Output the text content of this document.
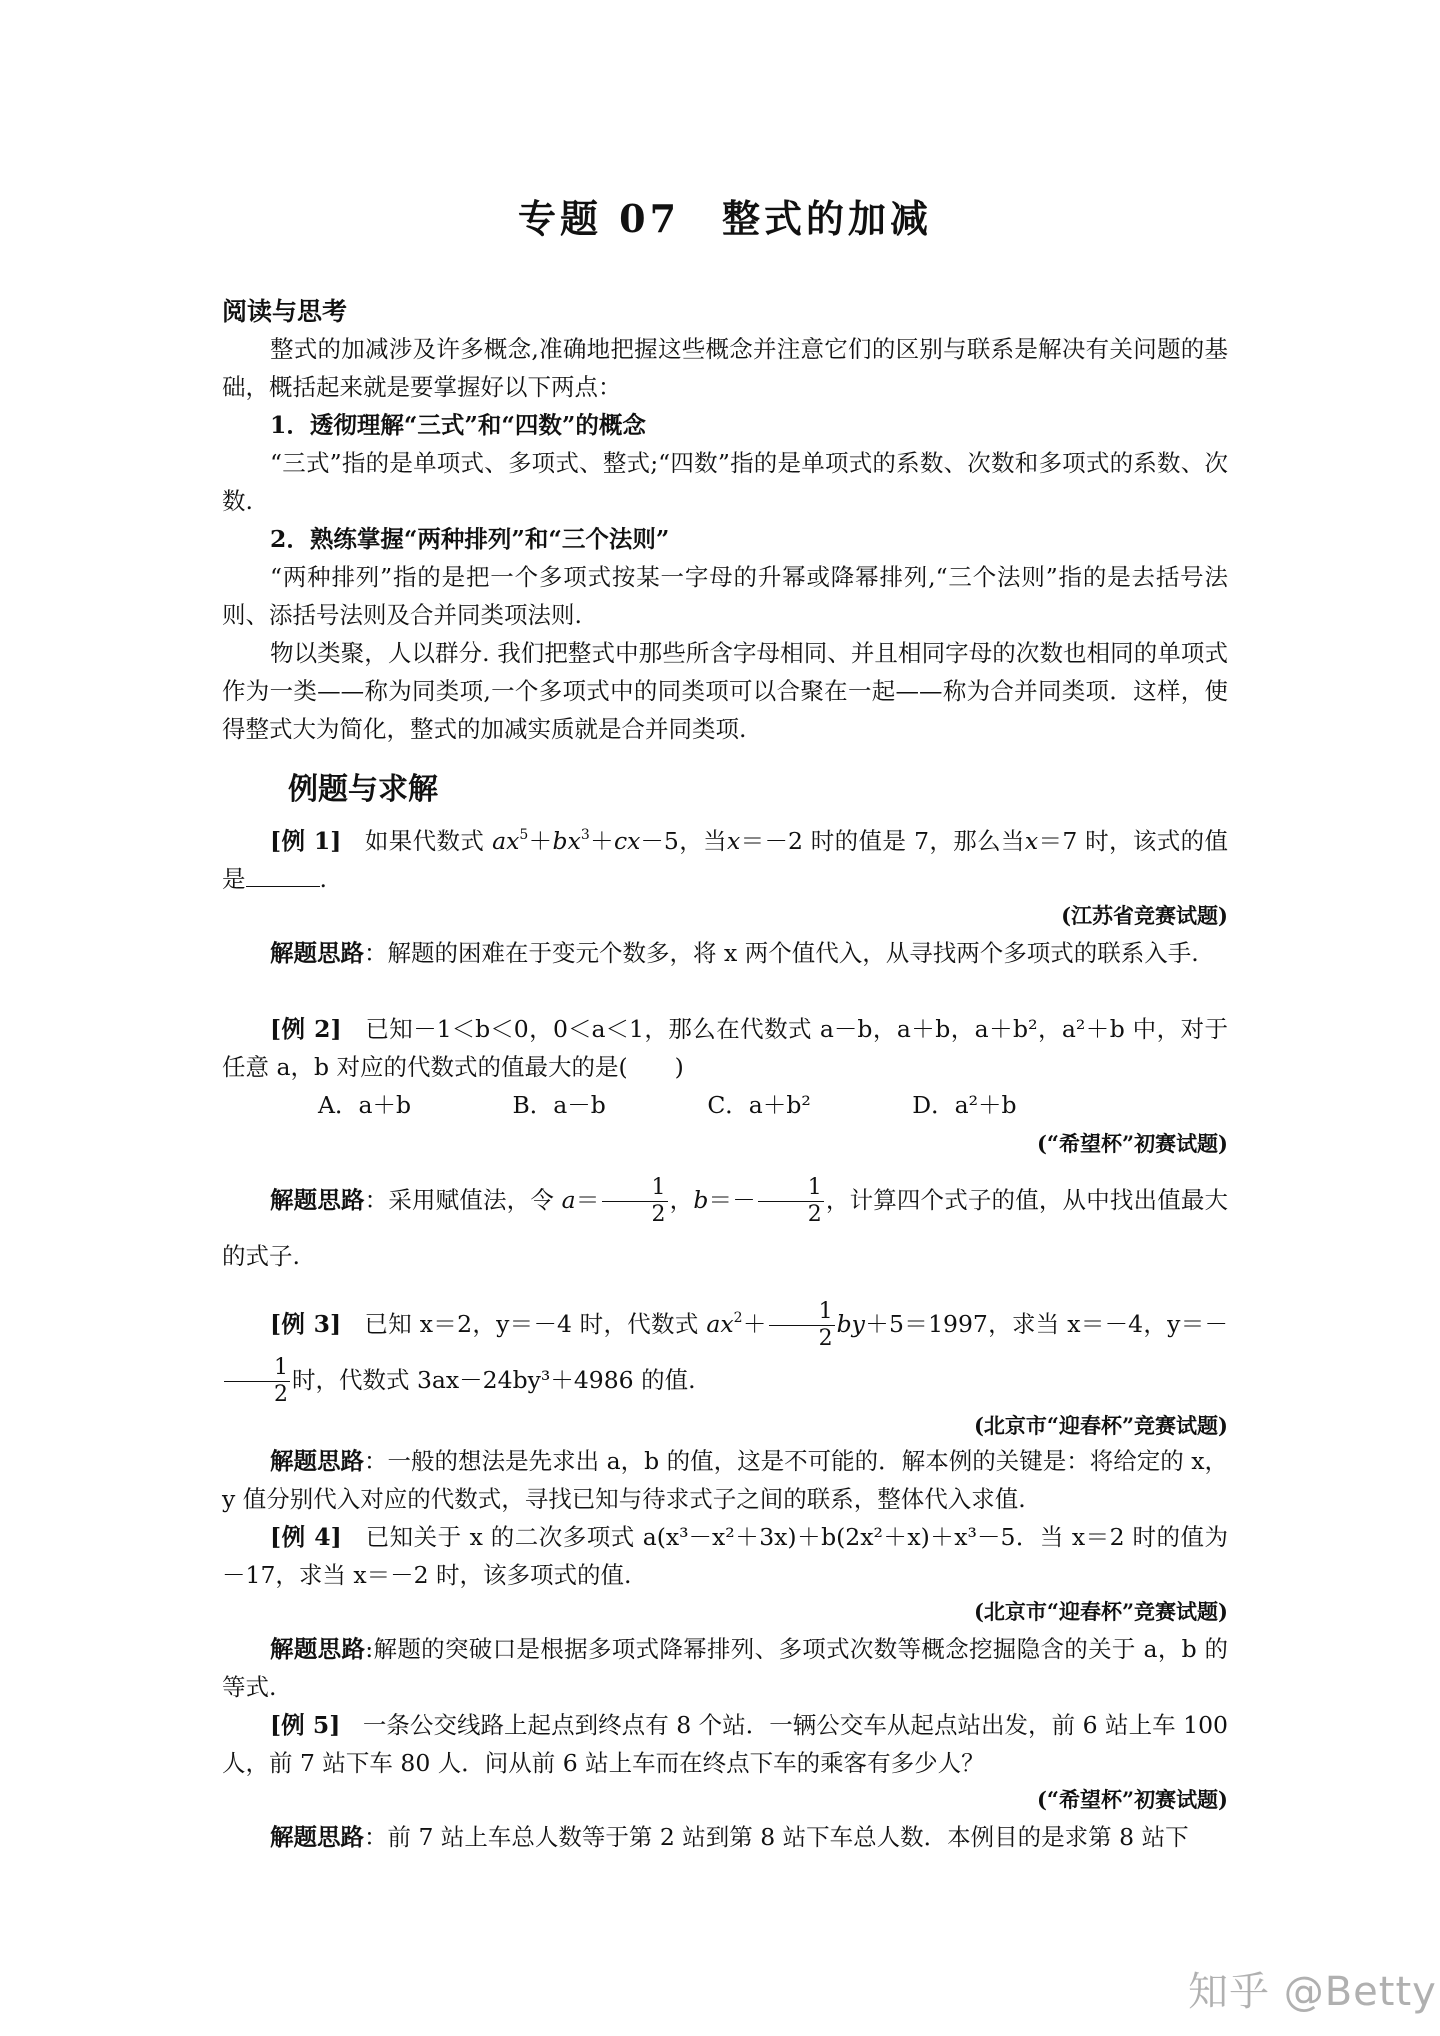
专题 07　整式的加减
阅读与思考
整式的加减涉及许多概念,准确地把握这些概念并注意它们的区别与联系是解决有关问题的基础，概括起来就是要掌握好以下两点：
1．透彻理解“三式”和“四数”的概念
“三式”指的是单项式、多项式、整式;“四数”指的是单项式的系数、次数和多项式的系数、次数.
2．熟练掌握“两种排列”和“三个法则”
“两种排列”指的是把一个多项式按某一字母的升幂或降幂排列,“三个法则”指的是去括号法则、添括号法则及合并同类项法则.
物以类聚，人以群分. 我们把整式中那些所含字母相同、并且相同字母的次数也相同的单项式作为一类——称为同类项,一个多项式中的同类项可以合聚在一起——称为合并同类项．这样，使得整式大为简化，整式的加减实质就是合并同类项.
例题与求解
[例 1] 如果代数式 $ax^5+bx^3+cx-5$，当x＝－2 时的值是 7，那么当x＝7 时，该式的值是	.
(江苏省竞赛试题)
解题思路：解题的困难在于变元个数多，将 x 两个值代入，从寻找两个多项式的联系入手.
[例 2] 已知－1＜b＜0，0＜a＜1，那么在代数式 a－b，a＋b，a＋b²，a²＋b 中，对于任意 a，b 对应的代数式的值最大的是(　　)
A．a＋b	B．a－b	C．a＋b²	D．a²＋b
(“希望杯”初赛试题)
解题思路：采用赋值法，令 $a= \frac{1}{2}$ ，$b=- \frac{1}{2}$ ，计算四个式子的值，从中找出值最大的式子.
[例 3] 已知 x＝2，y＝－4 时，代数式 $ax^2+ \frac{1}{2} by+5=1997$，求当 x＝－4，y＝－
$\frac{1}{2}$ 时，代数式 3ax－24by³＋4986 的值.
(北京市“迎春杯”竞赛试题)
解题思路：一般的想法是先求出 a，b 的值，这是不可能的．解本例的关键是：将给定的 x，y 值分别代入对应的代数式，寻找已知与待求式子之间的联系，整体代入求值.
[例 4] 已知关于 x 的二次多项式 a(x³－x²＋3x)＋b(2x²＋x)＋x³－5．当 x＝2 时的值为－17，求当 x＝－2 时，该多项式的值.
(北京市“迎春杯”竞赛试题)
解题思路:解题的突破口是根据多项式降幂排列、多项式次数等概念挖掘隐含的关于 a，b 的等式.
[例 5] 一条公交线路上起点到终点有 8 个站．一辆公交车从起点站出发，前 6 站上车 100 人，前 7 站下车 80 人．问从前 6 站上车而在终点下车的乘客有多少人？
(“希望杯”初赛试题)
解题思路：前 7 站上车总人数等于第 2 站到第 8 站下车总人数．本例目的是求第 8 站下
知乎 @Betty
